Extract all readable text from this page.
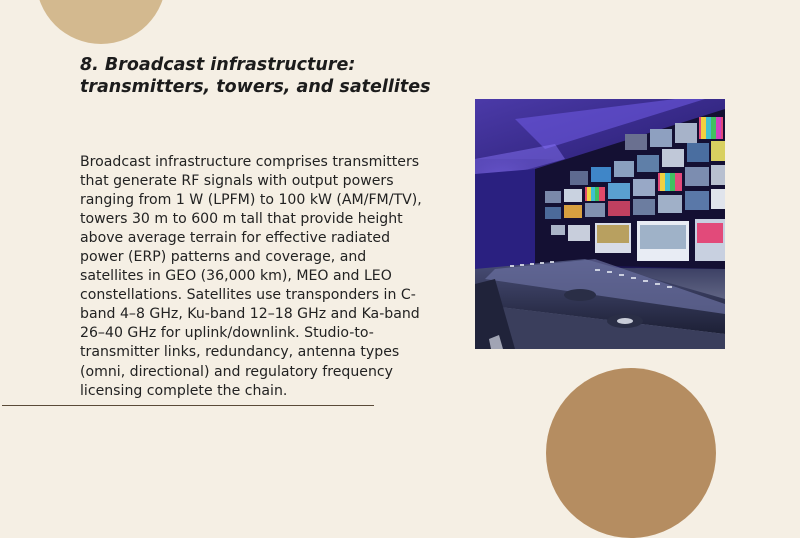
8. Broadcast infrastructure:
transmitters, towers, and satellites

Broadcast infrastructure comprises transmitters that generate RF signals with output powers ranging from 1 W (LPFM) to 100 kW (AM/FM/TV), towers 30 m to 600 m tall that provide height above average terrain for effective radiated power (ERP) patterns and coverage, and satellites in GEO (36,000 km), MEO and LEO constellations. Satellites use transponders in C-band 4–8 GHz, Ku-band 12–18 GHz and Ka-band 26–40 GHz for uplink/downlink. Studio-to-transmitter links, redundancy, antenna types (omni, directional) and regulatory frequency licensing complete the chain.
